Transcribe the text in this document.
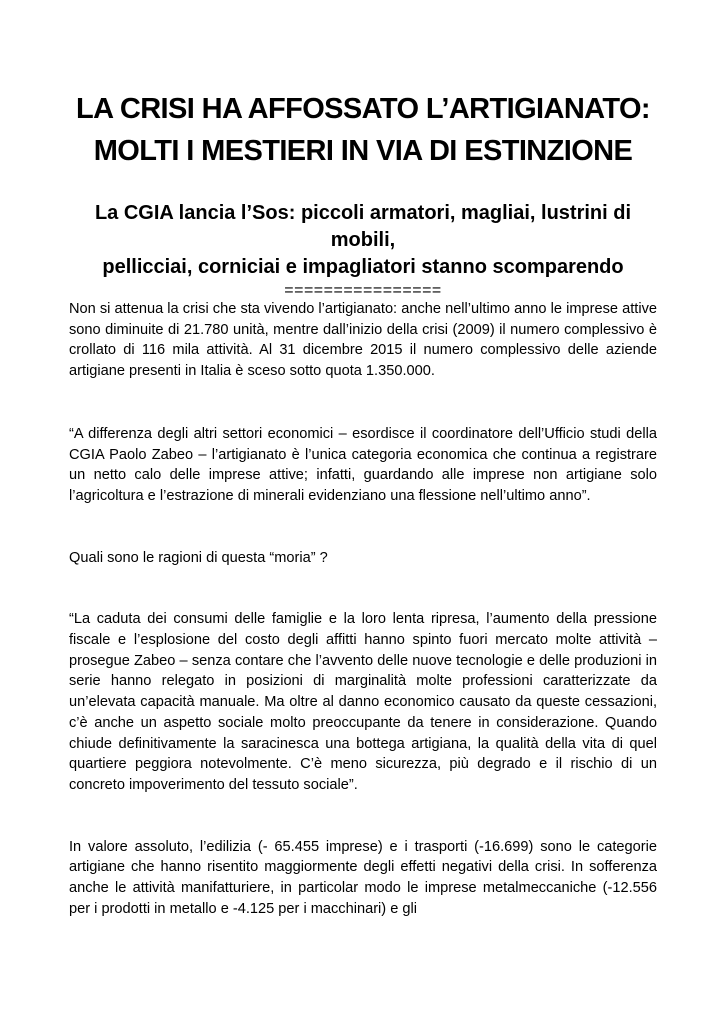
LA CRISI HA AFFOSSATO L’ARTIGIANATO:
MOLTI I MESTIERI IN VIA DI ESTINZIONE
La CGIA lancia l’Sos: piccoli armatori, magliai, lustrini di mobili,
pellicciai, corniciai e impagliatori stanno scomparendo
================

Non si attenua la crisi che sta vivendo l’artigianato: anche nell’ultimo anno le imprese attive sono diminuite di 21.780 unità, mentre dall’inizio della crisi (2009) il numero complessivo è crollato di 116 mila attività. Al 31 dicembre 2015 il numero complessivo delle aziende artigiane presenti in Italia è sceso sotto quota 1.350.000.

“A differenza degli altri settori economici – esordisce il coordinatore dell’Ufficio studi della CGIA Paolo Zabeo – l’artigianato è l’unica categoria economica che continua a registrare un netto calo delle imprese attive; infatti, guardando alle imprese non artigiane solo l’agricoltura e l’estrazione di minerali evidenziano una flessione nell’ultimo anno”.

Quali sono le ragioni di questa “moria” ?

“La caduta dei consumi delle famiglie e la loro lenta ripresa, l’aumento della pressione fiscale e l’esplosione del costo degli affitti hanno spinto fuori mercato molte attività – prosegue Zabeo – senza contare che l’avvento delle nuove tecnologie e delle produzioni in serie hanno relegato in posizioni di marginalità molte professioni caratterizzate da un’elevata capacità manuale. Ma oltre al danno economico causato da queste cessazioni, c’è anche un aspetto sociale molto preoccupante da tenere in considerazione. Quando chiude definitivamente la saracinesca una bottega artigiana, la qualità della vita di quel quartiere peggiora notevolmente. C’è meno sicurezza, più degrado e il rischio di un concreto impoverimento del tessuto sociale”.

In valore assoluto, l’edilizia (- 65.455 imprese) e i trasporti (-16.699) sono le categorie artigiane che hanno risentito maggiormente degli effetti negativi della crisi. In sofferenza anche le attività manifatturiere, in particolar modo le imprese metalmeccaniche (-12.556 per i prodotti in metallo e -4.125 per i macchinari) e gli
